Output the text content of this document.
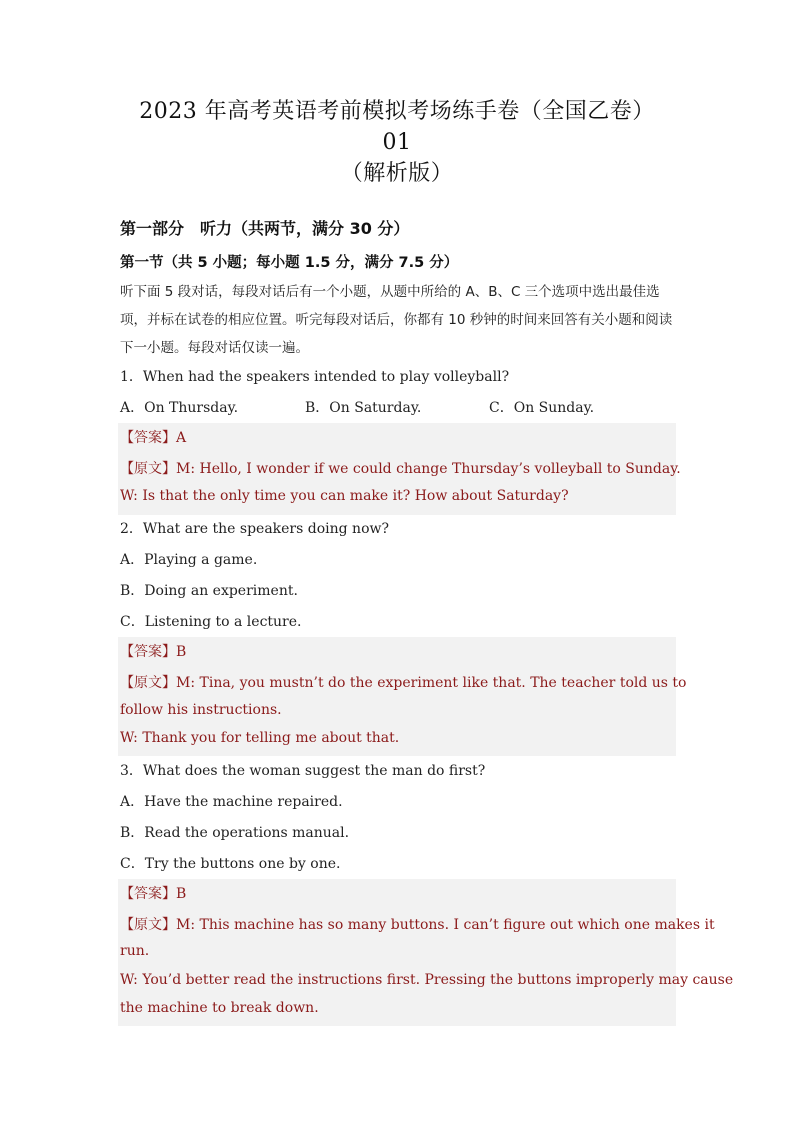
2023 年高考英语考前模拟考场练手卷（全国乙卷）
01
（解析版）
第一部分　听力（共两节，满分 30 分）
第一节（共 5 小题；每小题 1.5 分，满分 7.5 分）
听下面 5 段对话，每段对话后有一个小题，从题中所给的 A、B、C 三个选项中选出最佳选项，并标在试卷的相应位置。听完每段对话后，你都有 10 秒钟的时间来回答有关小题和阅读下一小题。每段对话仅读一遍。
1．When had the speakers intended to play volleyball?
A．On Thursday.	B．On Saturday.	C．On Sunday.
【答案】A
【原文】M: Hello, I wonder if we could change Thursday’s volleyball to Sunday.
W: Is that the only time you can make it? How about Saturday?
2．What are the speakers doing now?
A．Playing a game.
B．Doing an experiment.
C．Listening to a lecture.
【答案】B
【原文】M: Tina, you mustn’t do the experiment like that. The teacher told us to
follow his instructions.
W: Thank you for telling me about that.
3．What does the woman suggest the man do first?
A．Have the machine repaired.
B．Read the operations manual.
C．Try the buttons one by one.
【答案】B
【原文】M: This machine has so many buttons. I can’t figure out which one makes it
run.
W: You’d better read the instructions first. Pressing the buttons improperly may cause
the machine to break down.
